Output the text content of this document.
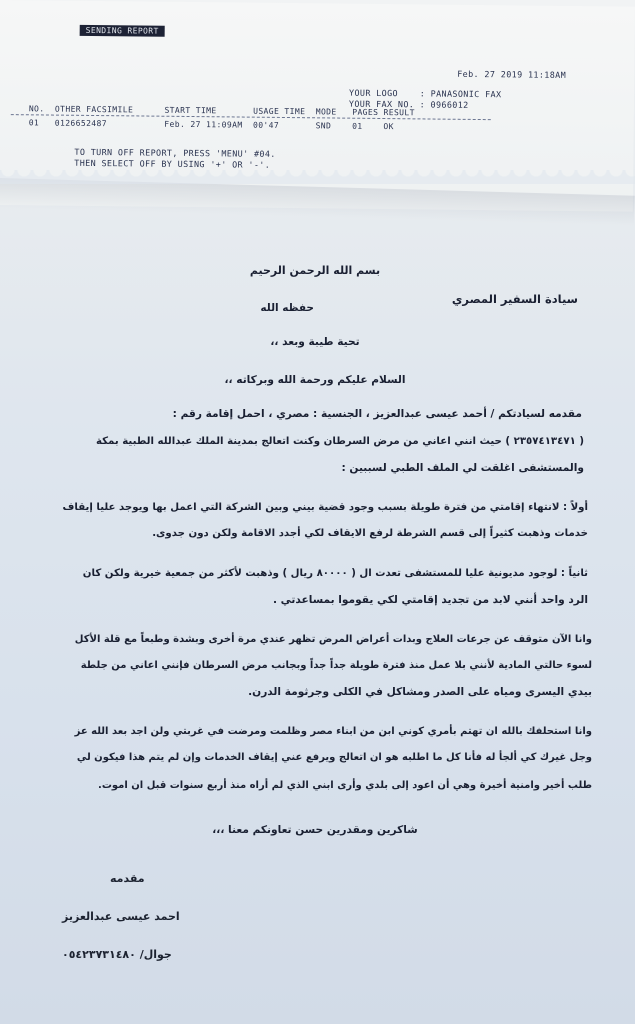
SENDING REPORT
Feb. 27 2019 11:18AM
YOUR LOGO    : PANASONIC FAX
YOUR FAX NO. : 0966012
NO.  OTHER FACSIMILE      START TIME       USAGE TIME  MODE   PAGES RESULT
01   0126652487           Feb. 27 11:09AM  00'47       SND    01    OK
TO TURN OFF REPORT, PRESS 'MENU' #04.
THEN SELECT OFF BY USING '+' OR '-'.
بسم الله الرحمن الرحيم
سيادة السفير المصري
حفظه الله
تحية طيبة وبعد ،،
السلام عليكم ورحمة الله وبركاته ،،
مقدمه لسيادتكم / أحمد عيسى عبدالعزيز ، الجنسية : مصري ، احمل إقامة رقم :
( ٢٣٥٧٤١٣٤٧١ ) حيث انني اعاني من مرض السرطان وكنت اتعالج بمدينة الملك عبدالله الطبية بمكة
والمستشفى اغلقت لي الملف الطبي لسببين :
أولاً : لانتهاء إقامتي من فترة طويلة بسبب وجود قضية بيني وبين الشركة التي اعمل بها ويوجد عليا إيقاف
خدمات وذهبت كثيراً إلى قسم الشرطة لرفع الايقاف لكي أجدد الاقامة ولكن دون جدوى.
ثانياً : لوجود مديونية عليا للمستشفى تعدت ال ( ٨٠٠٠٠ ريال ) وذهبت لأكثر من جمعية خيرية ولكن كان
الرد واحد أنني لابد من تجديد إقامتي لكي يقوموا بمساعدتي .
وانا الآن متوقف عن جرعات العلاج وبدات أعراض المرض تظهر عندي مرة أخرى وبشدة وطبعاً مع قلة الأكل
لسوء حالتي المادية لأنني بلا عمل منذ فترة طويلة جداً جداً وبجانب مرض السرطان فإنني اعاني من جلطة
بيدي اليسرى ومياه على الصدر ومشاكل في الكلى وجرثومة الدرن.
وانا استحلفك بالله ان تهتم بأمري كوني ابن من ابناء مصر وظلمت ومرضت في غربتي ولن اجد بعد الله عز
وجل غيرك كي ألجأ له فأنا كل ما اطلبه هو ان اتعالج ويرفع عني إيقاف الخدمات وإن لم يتم هذا فيكون لي
طلب أخير وامنية أخيرة وهي أن اعود إلى بلدي وأرى ابني الذي لم أراه منذ أربع سنوات قبل ان اموت.
شاكرين ومقدرين حسن تعاونكم معنا ،،،
مقدمه
احمد عيسى عبدالعزيز
جوال/ ٠٥٤٢٣٧٣١٤٨٠
